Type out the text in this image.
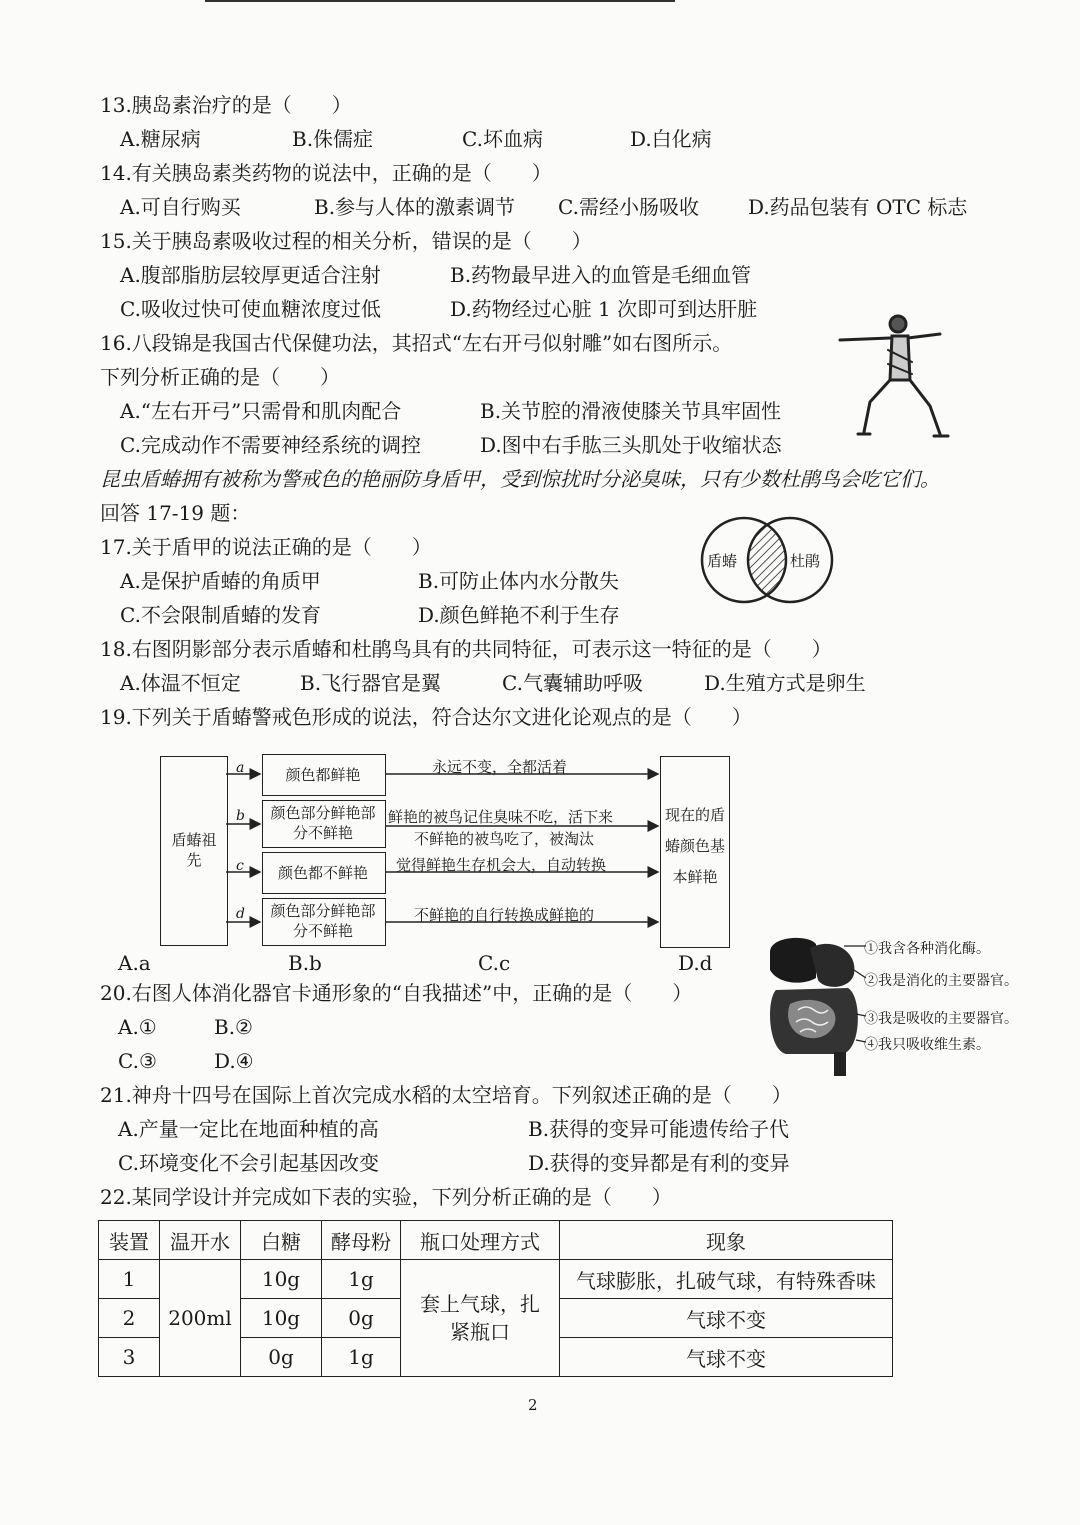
13.胰岛素治疗的是（　　）
A.糖尿病	B.侏儒症	C.坏血病	D.白化病
14.有关胰岛素类药物的说法中，正确的是（　　）
A.可自行购买	B.参与人体的激素调节 C.需经小肠吸收 D.药品包装有 OTC 标志
15.关于胰岛素吸收过程的相关分析，错误的是（　　）
A.腹部脂肪层较厚更适合注射	B.药物最早进入的血管是毛细血管
C.吸收过快可使血糖浓度过低	D.药物经过心脏 1 次即可到达肝脏
16.八段锦是我国古代保健功法，其招式“左右开弓似射雕”如右图所示。
下列分析正确的是（　　）
A.“左右开弓”只需骨和肌肉配合	B.关节腔的滑液使膝关节具牢固性
C.完成动作不需要神经系统的调控	D.图中右手肱三头肌处于收缩状态
昆虫盾蝽拥有被称为警戒色的艳丽防身盾甲，受到惊扰时分泌臭味，只有少数杜鹃鸟会吃它们。
回答 17-19 题：
盾蝽	杜鹃
17.关于盾甲的说法正确的是（　　）
A.是保护盾蝽的角质甲	B.可防止体内水分散失
C.不会限制盾蝽的发育	D.颜色鲜艳不利于生存
18.右图阴影部分表示盾蝽和杜鹃鸟具有的共同特征，可表示这一特征的是（　　）
A.体温不恒定	B.飞行器官是翼	C.气囊辅助呼吸	D.生殖方式是卵生
19.下列关于盾蝽警戒色形成的说法，符合达尔文进化论观点的是（　　）
盾蝽祖先
现在的盾蝽颜色基本鲜艳
a
b
c
d
颜色都鲜艳
颜色部分鲜艳部分不鲜艳
颜色都不鲜艳
颜色部分鲜艳部分不鲜艳
永远不变，全都活着
鲜艳的被鸟记住臭味不吃，活下来
不鲜艳的被鸟吃了，被淘汰
觉得鲜艳生存机会大，自动转换
不鲜艳的自行转换成鲜艳的
A.a	B.b	C.c	D.d
20.右图人体消化器官卡通形象的“自我描述”中，正确的是（　　）
A.①	B.②
C.③	D.④
①我含各种消化酶。
②我是消化的主要器官。
③我是吸收的主要器官。
④我只吸收维生素。
21.神舟十四号在国际上首次完成水稻的太空培育。下列叙述正确的是（　　）
A.产量一定比在地面种植的高	B.获得的变异可能遗传给子代
C.环境变化不会引起基因改变	D.获得的变异都是有利的变异
22.某同学设计并完成如下表的实验，下列分析正确的是（　　）
装置	温开水	白糖	酵母粉	瓶口处理方式	现象
1	200ml	10g	1g	套上气球，扎紧瓶口	气球膨胀，扎破气球，有特殊香味
2		10g	0g		气球不变
3		0g	1g		气球不变
2
